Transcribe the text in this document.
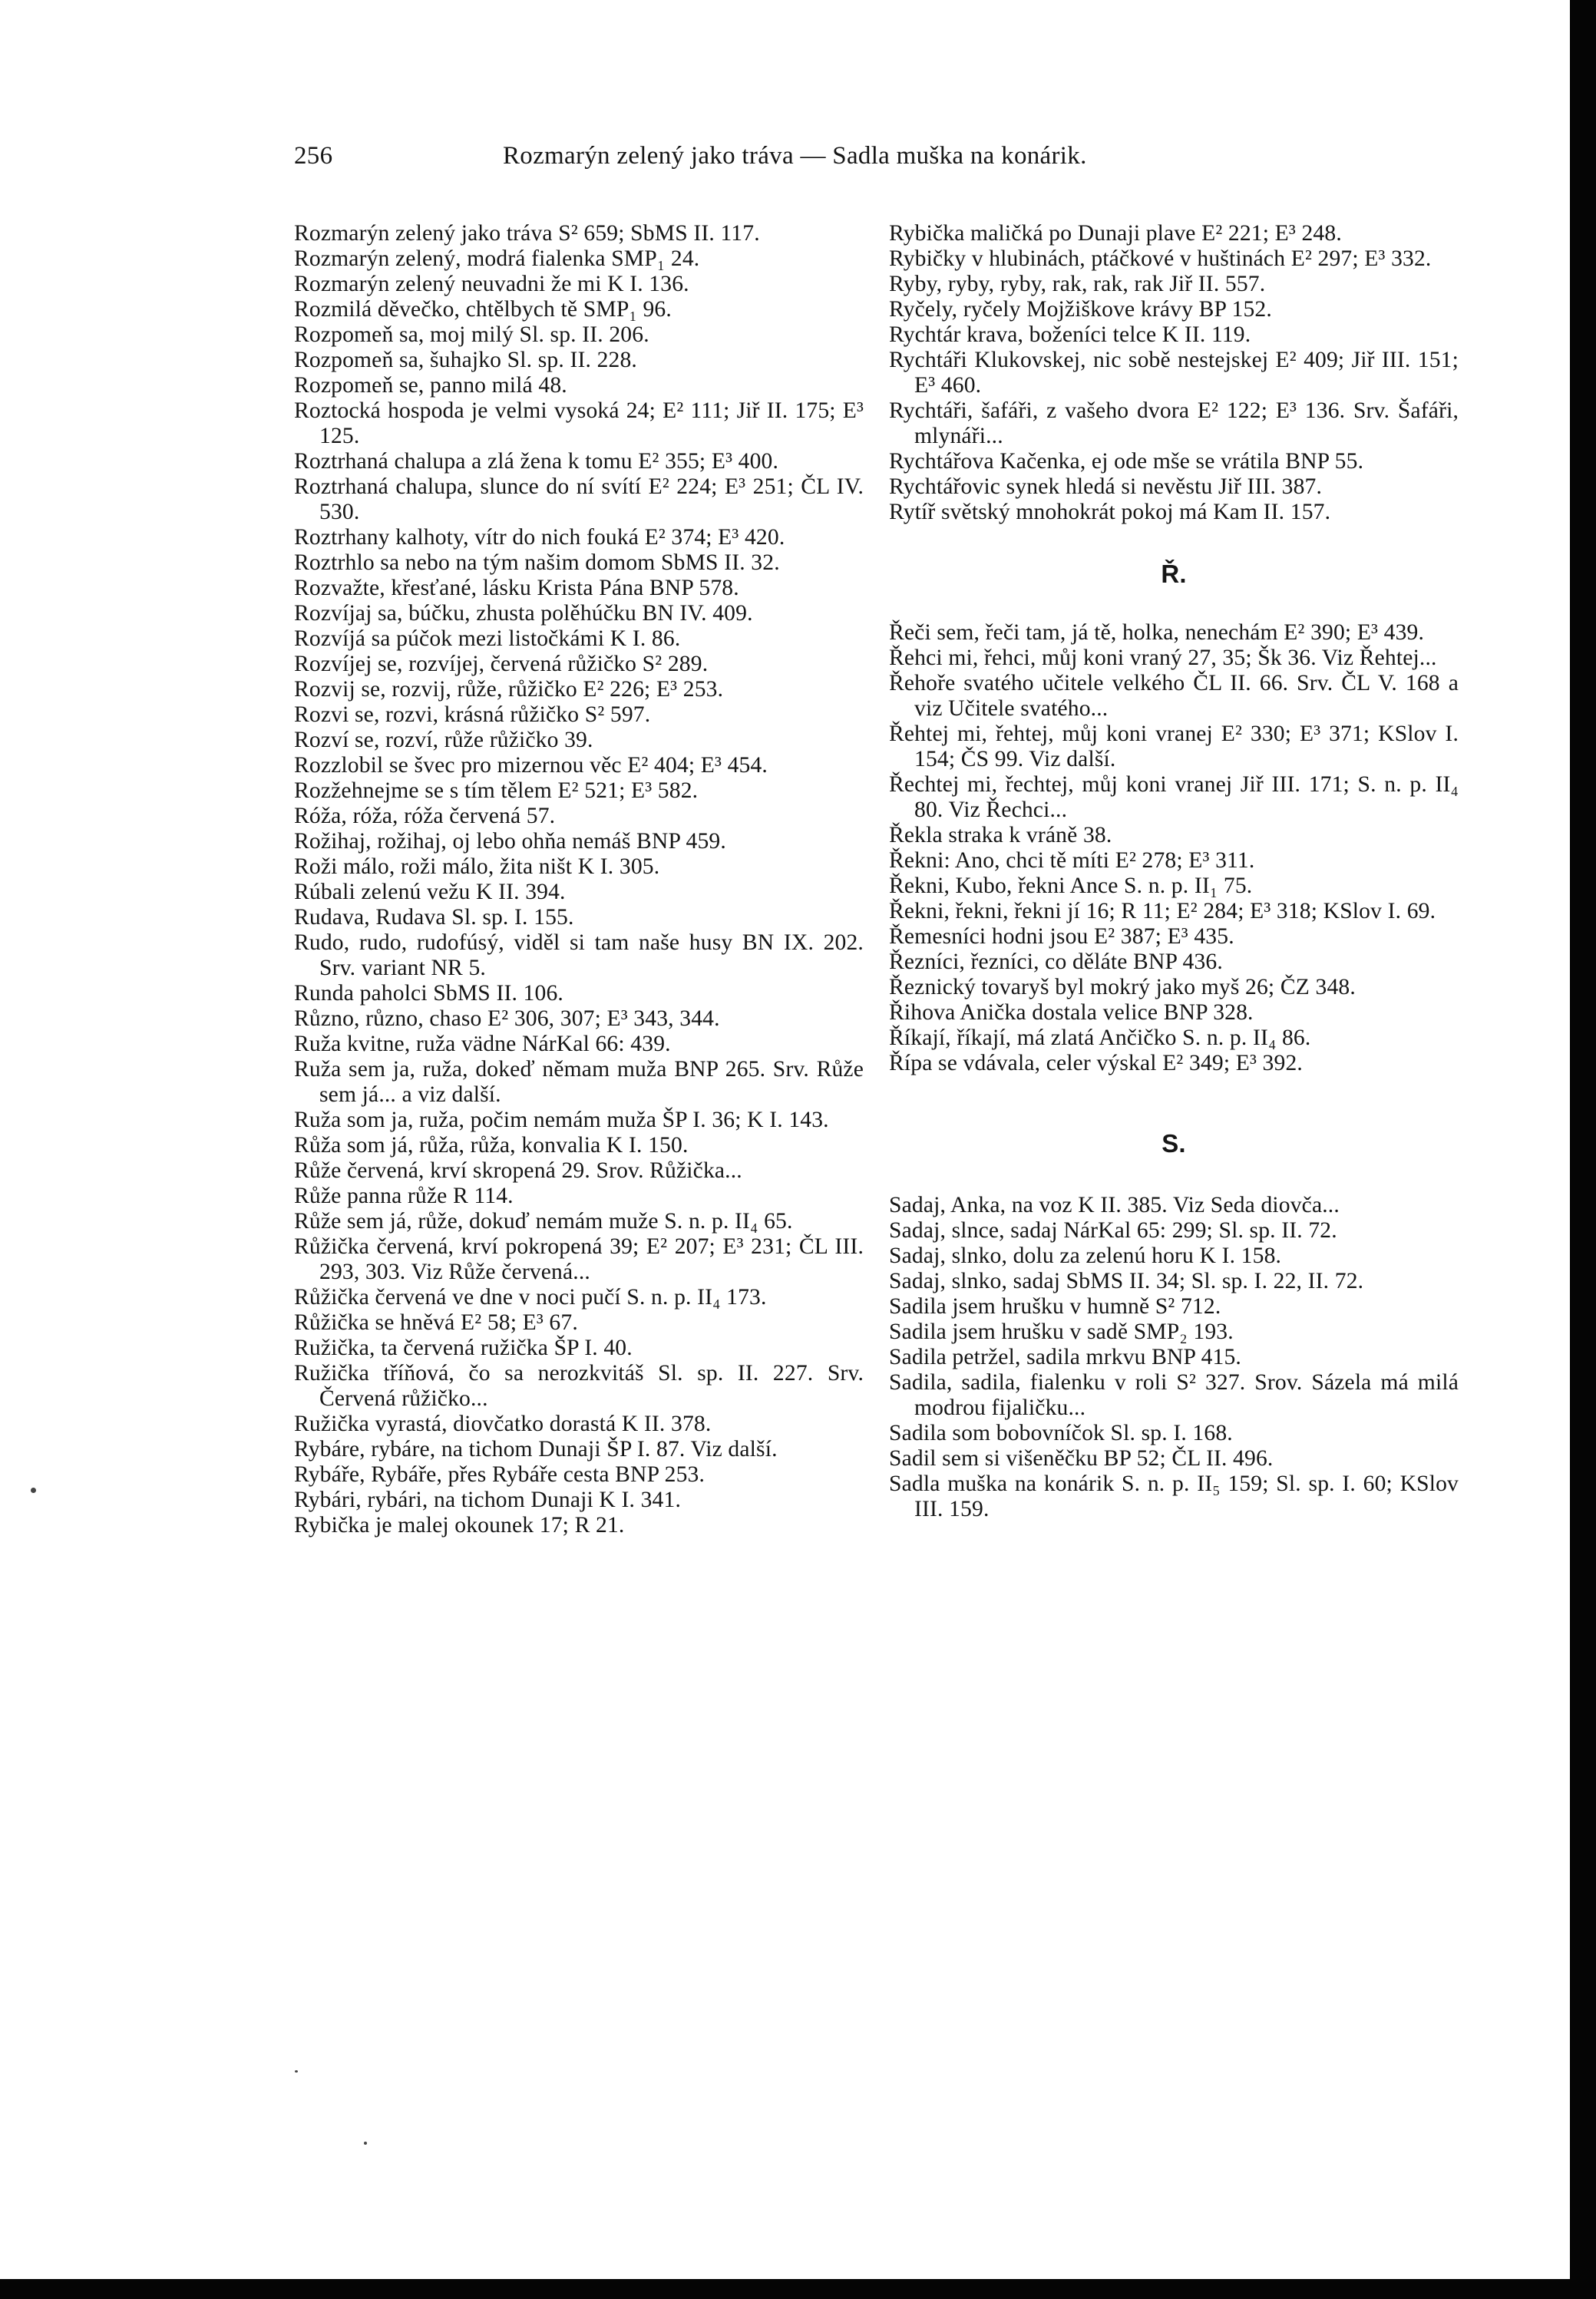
256	Rozmarýn zelený jako tráva — Sadla muška na konárik.
Rozmarýn zelený jako tráva S² 659; SbMS II. 117.
Rozmarýn zelený, modrá fialenka SMP₁ 24.
Rozmarýn zelený neuvadni že mi K I. 136.
Rozmilá děvečko, chtělbych tě SMP₁ 96.
Rozpomeň sa, moj milý Sl. sp. II. 206.
Rozpomeň sa, šuhajko Sl. sp. II. 228.
Rozpomeň se, panno milá 48.
Roztocká hospoda je velmi vysoká 24; E² 111; Jiř II. 175; E³ 125.
Roztrhaná chalupa a zlá žena k tomu E² 355; E³ 400.
Roztrhaná chalupa, slunce do ní svítí E² 224; E³ 251; ČL IV. 530.
Roztrhany kalhoty, vítr do nich fouká E² 374; E³ 420.
Roztrhlo sa nebo na tým našim domom SbMS II. 32.
Rozvažte, křesťané, lásku Krista Pána BNP 578.
Rozvíjaj sa, búčku, zhusta polěhúčku BN IV. 409.
Rozvíjá sa púčok mezi listočkámi K I. 86.
Rozvíjej se, rozvíjej, červená růžičko S² 289.
Rozvij se, rozvij, růže, růžičko E² 226; E³ 253.
Rozvi se, rozvi, krásná růžičko S² 597.
Rozví se, rozví, růže růžičko 39.
Rozzlobil se švec pro mizernou věc E² 404; E³ 454.
Rozžehnejme se s tím tělem E² 521; E³ 582.
Róža, róža, róža červená 57.
Rožihaj, rožihaj, oj lebo ohňa nemáš BNP 459.
Roži málo, roži málo, žita ništ K I. 305.
Rúbali zelenú vežu K II. 394.
Rudava, Rudava Sl. sp. I. 155.
Rudo, rudo, rudofúsý, viděl si tam naše husy BN IX. 202. Srv. variant NR 5.
Runda paholci SbMS II. 106.
Různo, různo, chaso E² 306, 307; E³ 343, 344.
Ruža kvitne, ruža vädne NárKal 66: 439.
Ruža sem ja, ruža, dokeď němam muža BNP 265. Srv. Růže sem já... a viz další.
Ruža som ja, ruža, počim nemám muža ŠP I. 36; K I. 143.
Růža som já, růža, růža, konvalia K I. 150.
Růže červená, krví skropená 29. Srov. Růžička...
Růže panna růže R 114.
Růže sem já, růže, dokuď nemám muže S. n. p. II₄ 65.
Růžička červená, krví pokropená 39; E² 207; E³ 231; ČL III. 293, 303. Viz Růže červená...
Růžička červená ve dne v noci pučí S. n. p. II₄ 173.
Růžička se hněvá E² 58; E³ 67.
Ružička, ta červená ružička ŠP I. 40.
Ružička tříňová, čo sa nerozkvitáš Sl. sp. II. 227. Srv. Červená růžičko...
Ružička vyrastá, diovčatko dorastá K II. 378.
Rybáre, rybáre, na tichom Dunaji ŠP I. 87. Viz další.
Rybáře, Rybáře, přes Rybáře cesta BNP 253.
Rybári, rybári, na tichom Dunaji K I. 341.
Rybička je malej okounek 17; R 21.
Rybička maličká po Dunaji plave E² 221; E³ 248.
Rybičky v hlubinách, ptáčkové v huštinách E² 297; E³ 332.
Ryby, ryby, ryby, rak, rak, rak Jiř II. 557.
Ryčely, ryčely Mojžiškove krávy BP 152.
Rychtár krava, boženíci telce K II. 119.
Rychtáři Klukovskej, nic sobě nestejskej E² 409; Jiř III. 151; E³ 460.
Rychtáři, šafáři, z vašeho dvora E² 122; E³ 136. Srv. Šafáři, mlynáři...
Rychtářova Kačenka, ej ode mše se vrátila BNP 55.
Rychtářovic synek hledá si nevěstu Jiř III. 387.
Rytíř světský mnohokrát pokoj má Kam II. 157.
Ř.
Řeči sem, řeči tam, já tě, holka, nenechám E² 390; E³ 439.
Řehci mi, řehci, můj koni vraný 27, 35; Šk 36. Viz Řehtej...
Řehoře svatého učitele velkého ČL II. 66. Srv. ČL V. 168 a viz Učitele svatého...
Řehtej mi, řehtej, můj koni vranej E² 330; E³ 371; KSlov I. 154; ČS 99. Viz další.
Řechtej mi, řechtej, můj koni vranej Jiř III. 171; S. n. p. II₄ 80. Viz Řechci...
Řekla straka k vráně 38.
Řekni: Ano, chci tě míti E² 278; E³ 311.
Řekni, Kubo, řekni Ance S. n. p. II₁ 75.
Řekni, řekni, řekni jí 16; R 11; E² 284; E³ 318; KSlov I. 69.
Řemesníci hodni jsou E² 387; E³ 435.
Řezníci, řezníci, co děláte BNP 436.
Řeznický tovaryš byl mokrý jako myš 26; ČZ 348.
Řihova Anička dostala velice BNP 328.
Říkají, říkají, má zlatá Ančičko S. n. p. II₄ 86.
Řípa se vdávala, celer výskal E² 349; E³ 392.
S.
Sadaj, Anka, na voz K II. 385. Viz Seda diovča...
Sadaj, slnce, sadaj NárKal 65: 299; Sl. sp. II. 72.
Sadaj, slnko, dolu za zelenú horu K I. 158.
Sadaj, slnko, sadaj SbMS II. 34; Sl. sp. I. 22, II. 72.
Sadila jsem hrušku v humně S² 712.
Sadila jsem hrušku v sadě SMP₂ 193.
Sadila petržel, sadila mrkvu BNP 415.
Sadila, sadila, fialenku v roli S² 327. Srov. Sázela má milá modrou fijaličku...
Sadila som bobovníčok Sl. sp. I. 168.
Sadil sem si višeněčku BP 52; ČL II. 496.
Sadla muška na konárik S. n. p. II₅ 159; Sl. sp. I. 60; KSlov III. 159.
